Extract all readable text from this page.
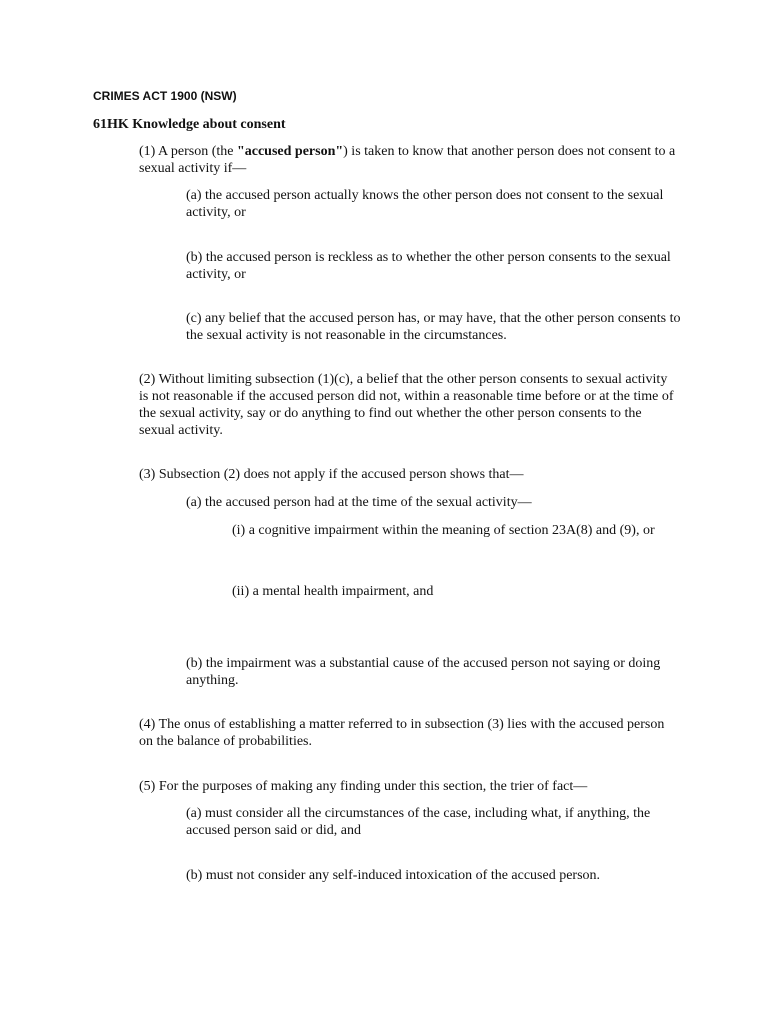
CRIMES ACT 1900 (NSW)
61HK Knowledge about consent

(1) A person (the "accused person") is taken to know that another person does not consent to a sexual activity if—

(a) the accused person actually knows the other person does not consent to the sexual activity, or

(b) the accused person is reckless as to whether the other person consents to the sexual activity, or

(c) any belief that the accused person has, or may have, that the other person consents to the sexual activity is not reasonable in the circumstances.

(2) Without limiting subsection (1)(c), a belief that the other person consents to sexual activity is not reasonable if the accused person did not, within a reasonable time before or at the time of the sexual activity, say or do anything to find out whether the other person consents to the sexual activity.

(3) Subsection (2) does not apply if the accused person shows that—

(a) the accused person had at the time of the sexual activity—

(i) a cognitive impairment within the meaning of section 23A(8) and (9), or

(ii) a mental health impairment, and

(b) the impairment was a substantial cause of the accused person not saying or doing anything.

(4) The onus of establishing a matter referred to in subsection (3) lies with the accused person on the balance of probabilities.

(5) For the purposes of making any finding under this section, the trier of fact—

(a) must consider all the circumstances of the case, including what, if anything, the accused person said or did, and

(b) must not consider any self-induced intoxication of the accused person.
